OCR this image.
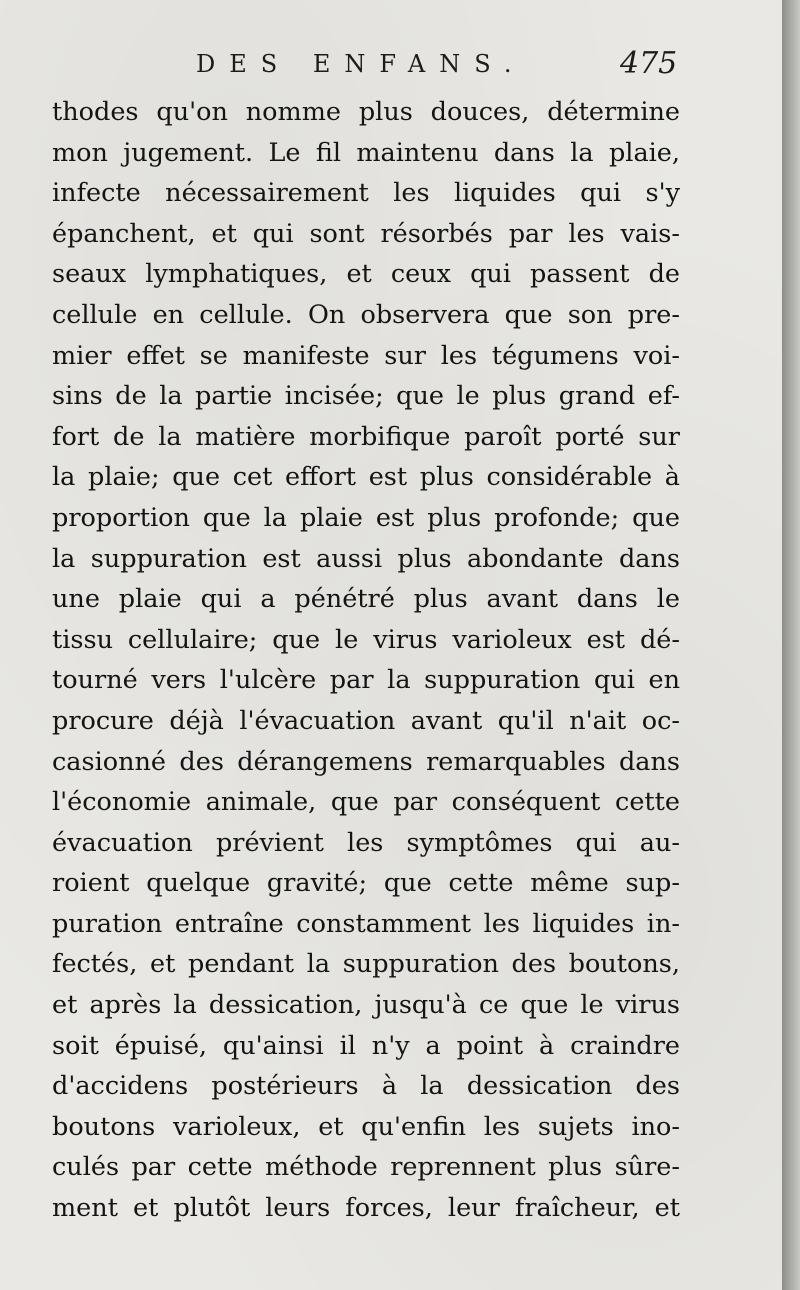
DES ENFANS.	475
thodes qu'on nomme plus douces, détermine
mon jugement. Le fil maintenu dans la plaie,
infecte nécessairement les liquides qui s'y
épanchent, et qui sont résorbés par les vais-
seaux lymphatiques, et ceux qui passent de
cellule en cellule. On observera que son pre-
mier effet se manifeste sur les tégumens voi-
sins de la partie incisée; que le plus grand ef-
fort de la matière morbifique paroît porté sur
la plaie; que cet effort est plus considérable à
proportion que la plaie est plus profonde; que
la suppuration est aussi plus abondante dans
une plaie qui a pénétré plus avant dans le
tissu cellulaire; que le virus varioleux est dé-
tourné vers l'ulcère par la suppuration qui en
procure déjà l'évacuation avant qu'il n'ait oc-
casionné des dérangemens remarquables dans
l'économie animale, que par conséquent cette
évacuation prévient les symptômes qui au-
roient quelque gravité; que cette même sup-
puration entraîne constamment les liquides in-
fectés, et pendant la suppuration des boutons,
et après la dessication, jusqu'à ce que le virus
soit épuisé, qu'ainsi il n'y a point à craindre
d'accidens postérieurs à la dessication des
boutons varioleux, et qu'enfin les sujets ino-
culés par cette méthode reprennent plus sûre-
ment et plutôt leurs forces, leur fraîcheur, et
